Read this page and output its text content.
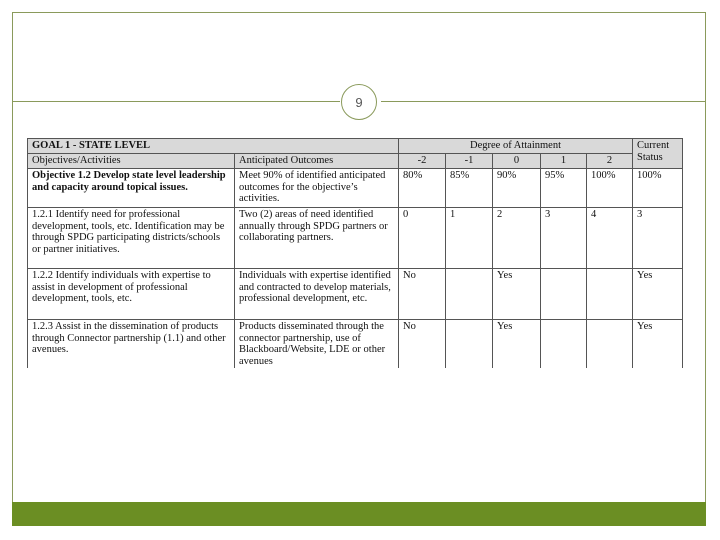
9
GOAL 1 - STATE LEVEL		Degree of Attainment					Current Status
Objectives/Activities	Anticipated Outcomes	-2	-1	0	1	2	
Objective 1.2 Develop state level leadership and capacity around topical issues.	Meet 90% of identified anticipated outcomes for the objective’s activities.	80%	85%	90%	95%	100%	100%
1.2.1 Identify need for professional development, tools, etc. Identification may be through SPDG participating districts/schools or partner initiatives.	Two (2) areas of need identified annually through SPDG partners or collaborating partners.	0	1	2	3	4	3
1.2.2 Identify individuals with expertise to assist in development of professional development, tools, etc.	Individuals with expertise identified and contracted to develop materials, professional development, etc.	No		Yes			Yes
1.2.3 Assist in the dissemination of products through Connector partnership (1.1) and other avenues.	Products disseminated through the connector partnership, use of Blackboard/Website, LDE or other avenues	No		Yes			Yes
